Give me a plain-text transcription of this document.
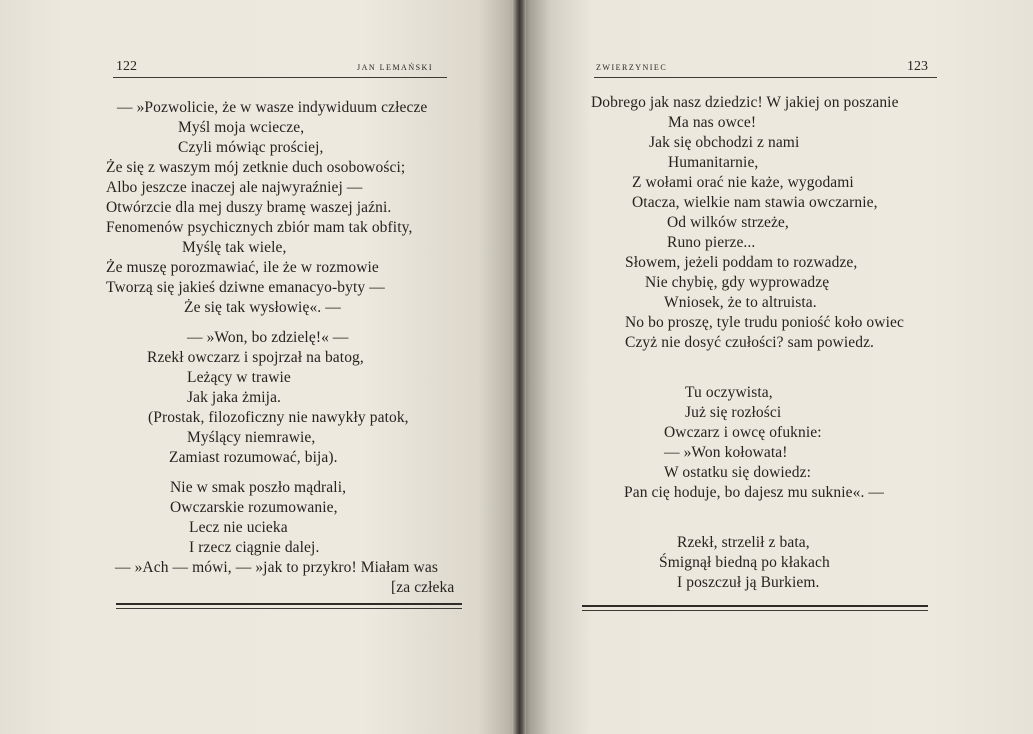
122	JAN LEMAŃSKI

— »Pozwolicie, że w wasze indywiduum człecze
Myśl moja wciecze,
Czyli mówiąc prościej,
Że się z waszym mój zetknie duch osobowości;
Albo jeszcze inaczej ale najwyraźniej —
Otwórzcie dla mej duszy bramę waszej jaźni.
Fenomenów psychicznych zbiór mam tak obfity,
Myślę tak wiele,
Że muszę porozmawiać, ile że w rozmowie
Tworzą się jakieś dziwne emanacyo-byty —
Że się tak wysłowię«. —
— »Won, bo zdzielę!« —
Rzekł owczarz i spojrzał na batog,
Leżący w trawie
Jak jaka żmija.
(Prostak, filozoficzny nie nawykły patok,
Myślący niemrawie,
Zamiast rozumować, bija).
Nie w smak poszło mądrali,
Owczarskie rozumowanie,
Lecz nie ucieka
I rzecz ciągnie dalej.
— »Ach — mówi, — »jak to przykro! Miałam was
[za człeka

ZWIERZYNIEC	123

Dobrego jak nasz dziedzic! W jakiej on poszanie
Ma nas owce!
Jak się obchodzi z nami
Humanitarnie,
Z wołami orać nie każe, wygodami
Otacza, wielkie nam stawia owczarnie,
Od wilków strzeże,
Runo pierze...
Słowem, jeżeli poddam to rozwadze,
Nie chybię, gdy wyprowadzę
Wniosek, że to altruista.
No bo proszę, tyle trudu poniość koło owiec
Czyż nie dosyć czułości? sam powiedz.
Tu oczywista,
Już się rozłości
Owczarz i owcę ofuknie:
— »Won kołowata!
W ostatku się dowiedz:
Pan cię hoduje, bo dajesz mu suknie«. —
Rzekł, strzelił z bata,
Śmignął biedną po kłakach
I poszczuł ją Burkiem.
